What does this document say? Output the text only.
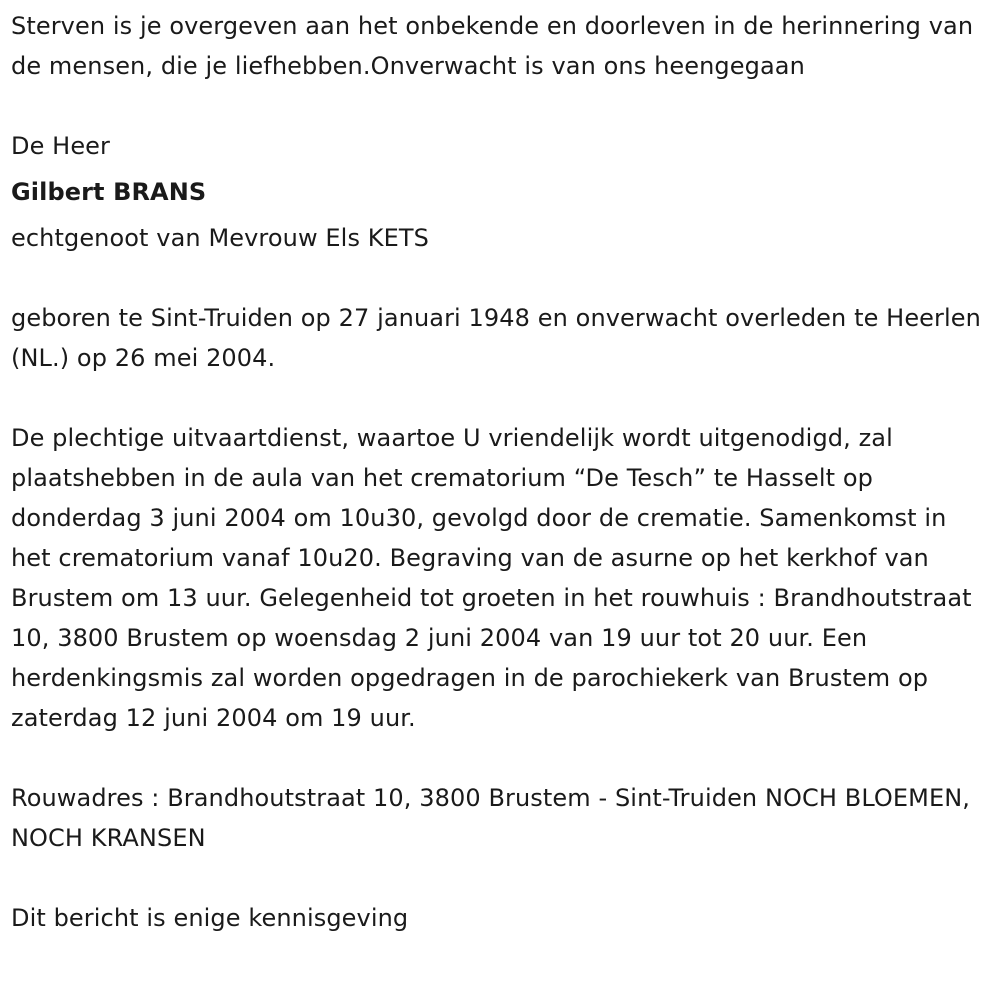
Sterven is je overgeven aan het onbekende en doorleven in de herinnering van de mensen, die je liefhebben.Onverwacht is van ons heengegaan

De Heer

Gilbert BRANS

echtgenoot van Mevrouw Els KETS

geboren te Sint-Truiden op 27 januari 1948 en onverwacht overleden te Heerlen (NL.) op 26 mei 2004.

De plechtige uitvaartdienst, waartoe U vriendelijk wordt uitgenodigd, zal plaatshebben in de aula van het crematorium “De Tesch” te Hasselt op donderdag 3 juni 2004 om 10u30, gevolgd door de crematie. Samenkomst in het crematorium vanaf 10u20. Begraving van de asurne op het kerkhof van Brustem om 13 uur. Gelegenheid tot groeten in het rouwhuis : Brandhoutstraat 10, 3800 Brustem op woensdag 2 juni 2004 van 19 uur tot 20 uur. Een herdenkingsmis zal worden opgedragen in de parochiekerk van Brustem op zaterdag 12 juni 2004 om 19 uur.

Rouwadres : Brandhoutstraat 10, 3800 Brustem - Sint-Truiden NOCH BLOEMEN, NOCH KRANSEN

Dit bericht is enige kennisgeving
